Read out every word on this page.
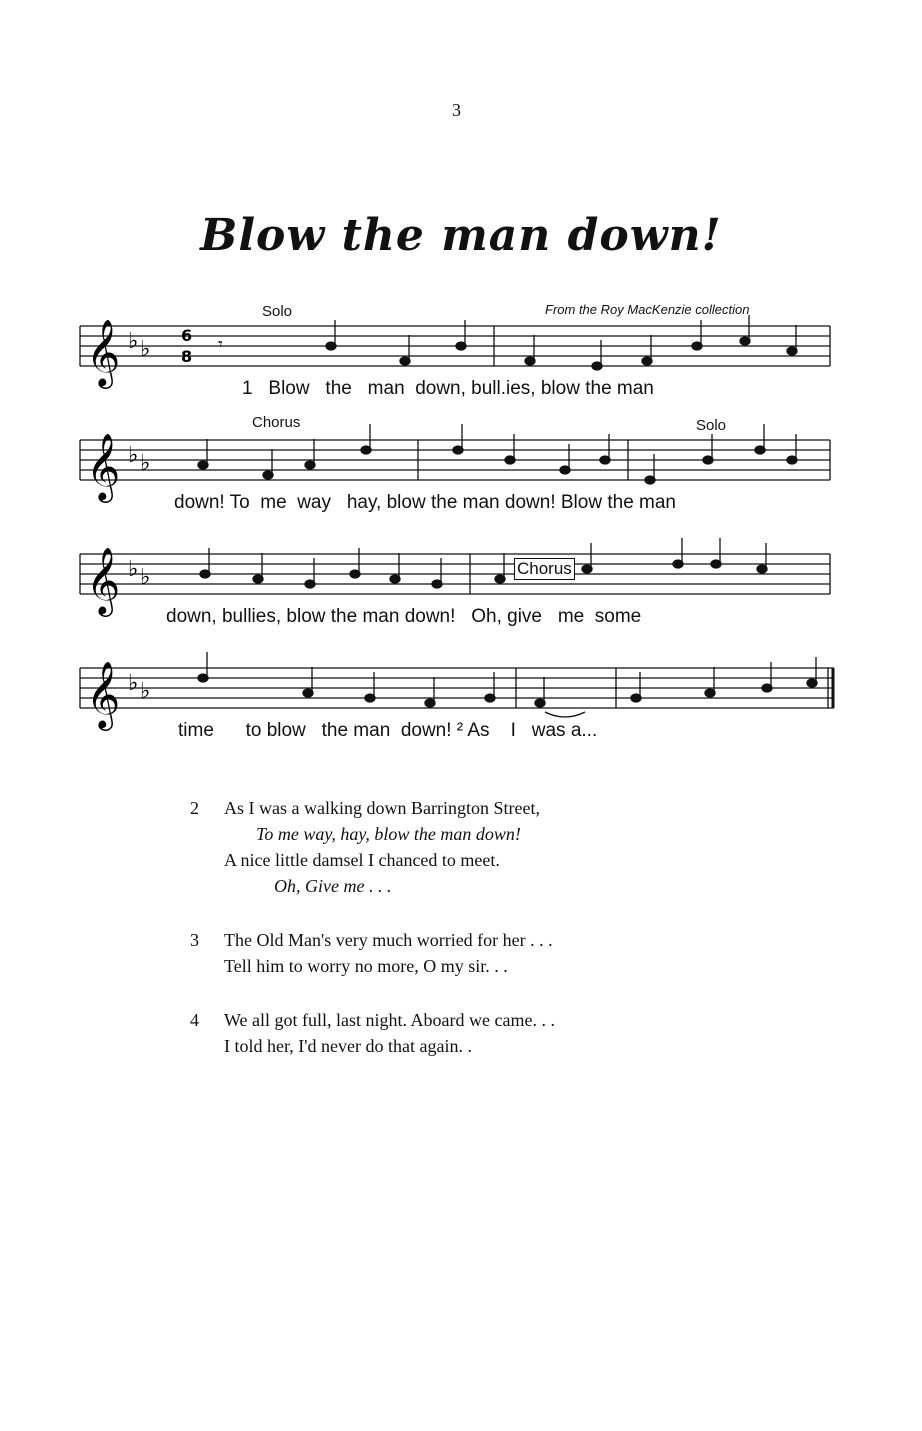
3
Blow the man down!
Solo	From the Roy MacKenzie collection
𝄞 ♭ ♭
6
8
𝄾
1   Blow   the   man  down, bull.ies, blow the man
Chorus	Solo
𝄞 ♭ ♭
down! To  me  way   hay, blow the man down! Blow the man
𝄞 ♭ ♭	Chorus
down, bullies, blow the man down!   Oh, give   me  some
𝄞 ♭ ♭
time      to blow   the man  down! ² As    I   was a...
2	As I was a walking down Barrington Street,
To me way, hay, blow the man down!
A nice little damsel I chanced to meet.
Oh, Give me . . .
3	The Old Man's very much worried for her . . .
Tell him to worry no more, O my sir. . .
4	We all got full, last night. Aboard we came. . .
I told her, I'd never do that again. .
